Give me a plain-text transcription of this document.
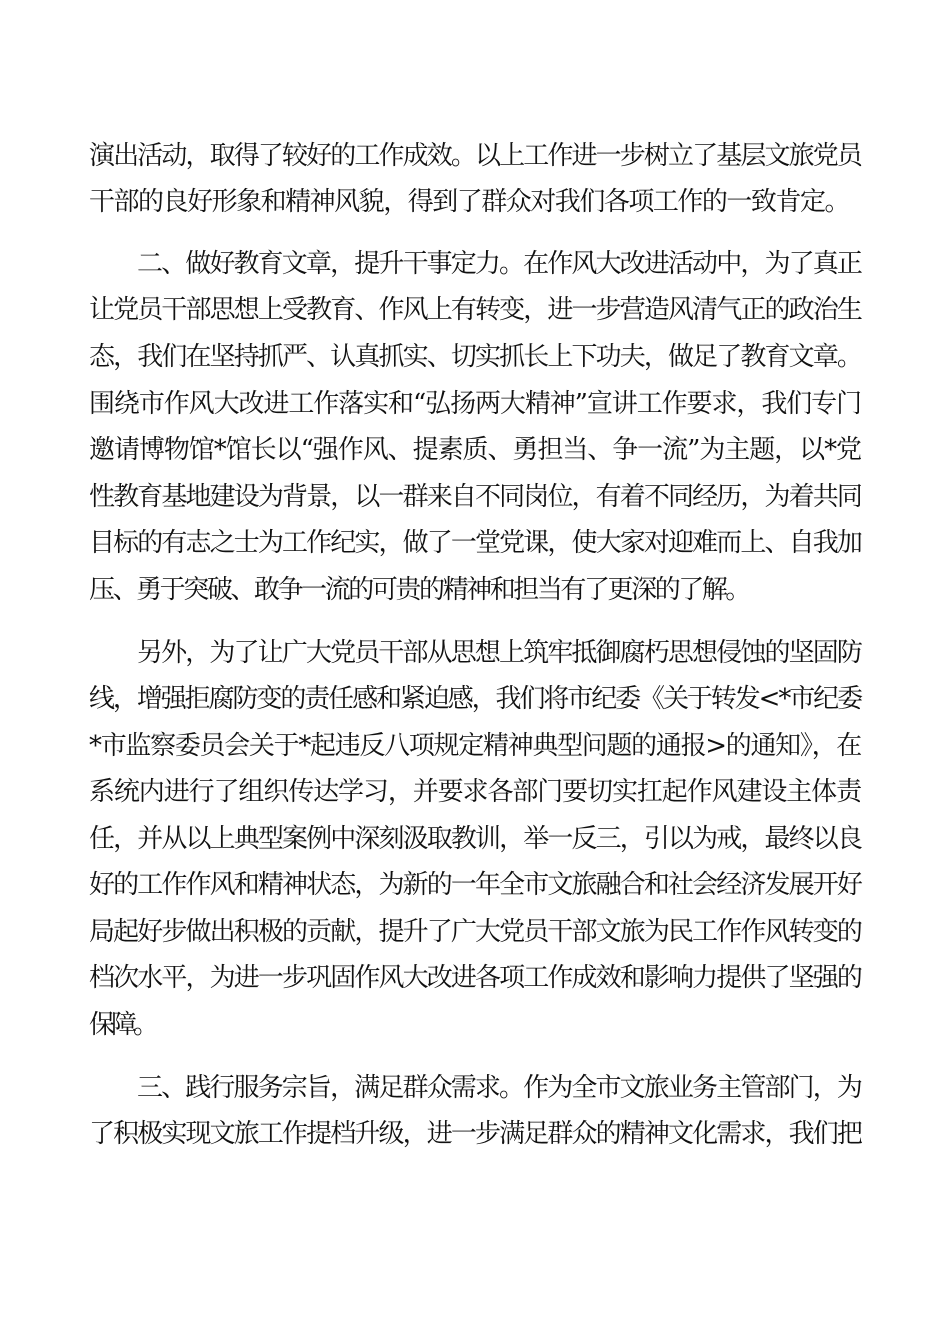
演出活动，取得了较好的工作成效。以上工作进一步树立了基层文旅党员
干部的良好形象和精神风貌，得到了群众对我们各项工作的一致肯定。
二、做好教育文章，提升干事定力。在作风大改进活动中，为了真正
让党员干部思想上受教育、作风上有转变，进一步营造风清气正的政治生
态，我们在坚持抓严、认真抓实、切实抓长上下功夫，做足了教育文章。
围绕市作风大改进工作落实和“弘扬两大精神”宣讲工作要求，我们专门
邀请博物馆*馆长以“强作风、提素质、勇担当、争一流”为主题，以*党
性教育基地建设为背景，以一群来自不同岗位，有着不同经历，为着共同
目标的有志之士为工作纪实，做了一堂党课，使大家对迎难而上、自我加
压、勇于突破、敢争一流的可贵的精神和担当有了更深的了解。
另外，为了让广大党员干部从思想上筑牢抵御腐朽思想侵蚀的坚固防
线，增强拒腐防变的责任感和紧迫感，我们将市纪委《关于转发<*市纪委
*市监察委员会关于*起违反八项规定精神典型问题的通报>的通知》，在
系统内进行了组织传达学习，并要求各部门要切实扛起作风建设主体责
任，并从以上典型案例中深刻汲取教训，举一反三，引以为戒，最终以良
好的工作作风和精神状态，为新的一年全市文旅融合和社会经济发展开好
局起好步做出积极的贡献，提升了广大党员干部文旅为民工作作风转变的
档次水平，为进一步巩固作风大改进各项工作成效和影响力提供了坚强的
保障。
三、践行服务宗旨，满足群众需求。作为全市文旅业务主管部门，为
了积极实现文旅工作提档升级，进一步满足群众的精神文化需求，我们把
